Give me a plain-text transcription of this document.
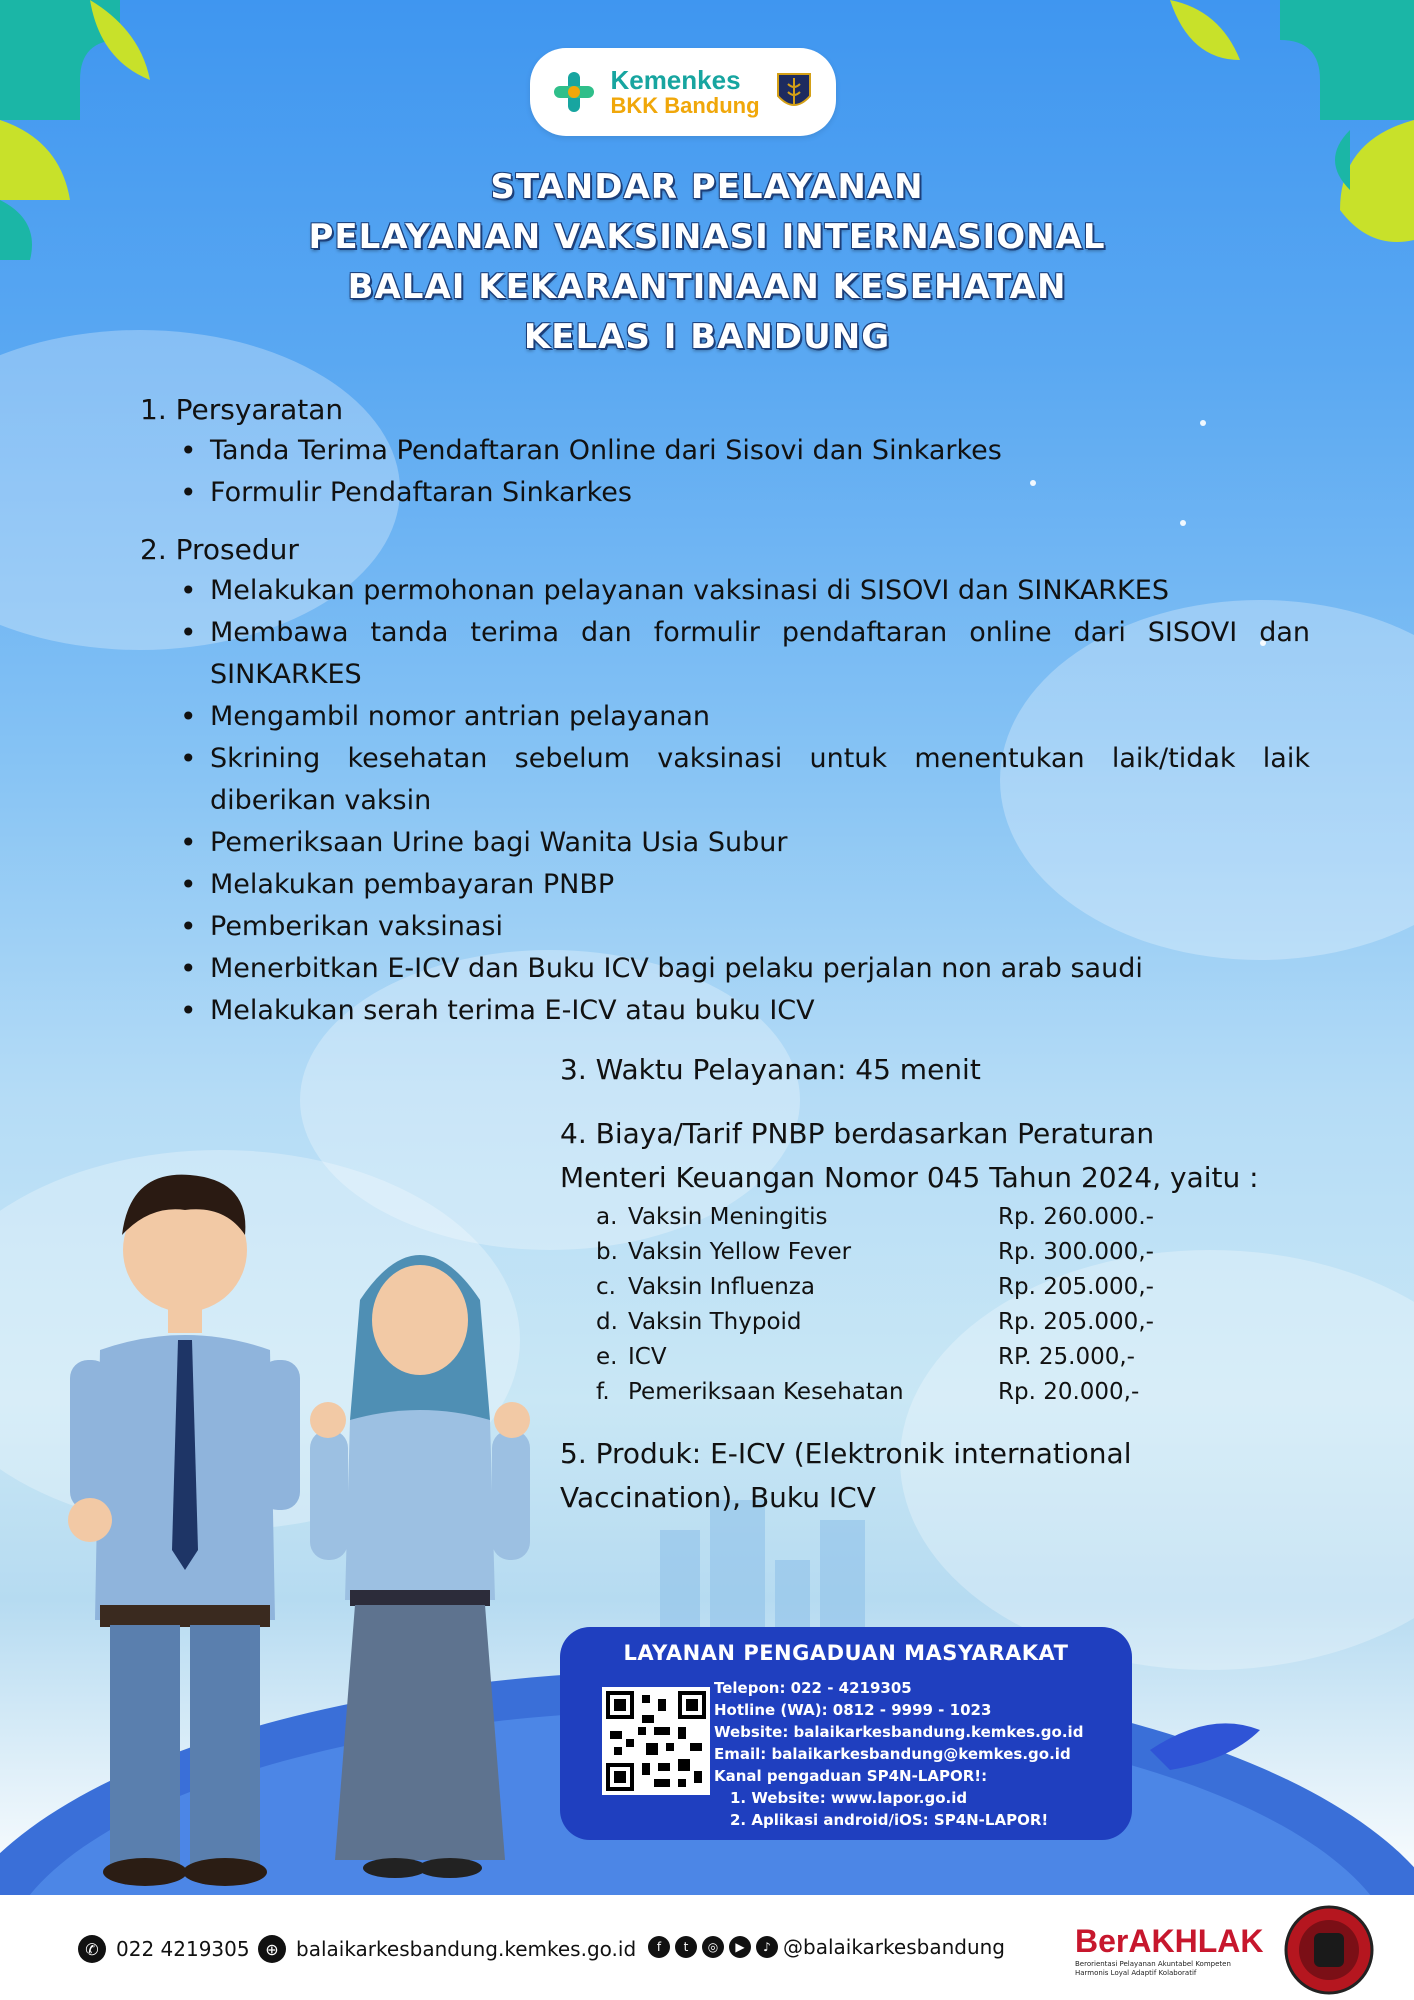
Kemenkes
BKK Bandung
STANDAR PELAYANAN
PELAYANAN VAKSINASI INTERNASIONAL
BALAI KEKARANTINAAN KESEHATAN
KELAS I BANDUNG

1. Persyaratan

• Tanda Terima Pendaftaran Online dari Sisovi dan Sinkarkes
• Formulir Pendaftaran Sinkarkes

2. Prosedur

• Melakukan permohonan pelayanan vaksinasi di SISOVI dan SINKARKES
• Membawa tanda terima dan formulir pendaftaran online dari SISOVI dan SINKARKES
• Mengambil nomor antrian pelayanan
• Skrining kesehatan sebelum vaksinasi untuk menentukan laik/tidak laik diberikan vaksin
• Pemeriksaan Urine bagi Wanita Usia Subur
• Melakukan pembayaran PNBP
• Pemberikan vaksinasi
• Menerbitkan E-ICV dan Buku ICV bagi pelaku perjalan non arab saudi
• Melakukan serah terima E-ICV atau buku ICV

3. Waktu Pelayanan: 45 menit

4. Biaya/Tarif PNBP berdasarkan Peraturan

Menteri Keuangan Nomor 045 Tahun 2024, yaitu :

a.	Vaksin Meningitis	Rp. 260.000.-
b.	Vaksin Yellow Fever	Rp. 300.000,-
c.	Vaksin Influenza	Rp. 205.000,-
d.	Vaksin Thypoid	Rp. 205.000,-
e.	ICV	RP. 25.000,-
f.	Pemeriksaan Kesehatan	Rp. 20.000,-

5. Produk: E-ICV (Elektronik international

Vaccination), Buku ICV

LAYANAN PENGADUAN MASYARAKAT
Telepon: 022 - 4219305
Hotline (WA): 0812 - 9999 - 1023
Website: balaikarkesbandung.kemkes.go.id
Email: balaikarkesbandung@kemkes.go.id
Kanal pengaduan SP4N-LAPOR!:
1. Website: www.lapor.go.id
2. Aplikasi android/iOS: SP4N-LAPOR!
✆ 022 4219305 ⊕ balaikarkesbandung.kemkes.go.id	f	t	◎	▶	♪ @balaikarkesbandung BerAKHLAK
Berorientasi Pelayanan Akuntabel Kompeten Harmonis Loyal Adaptif Kolaboratif
